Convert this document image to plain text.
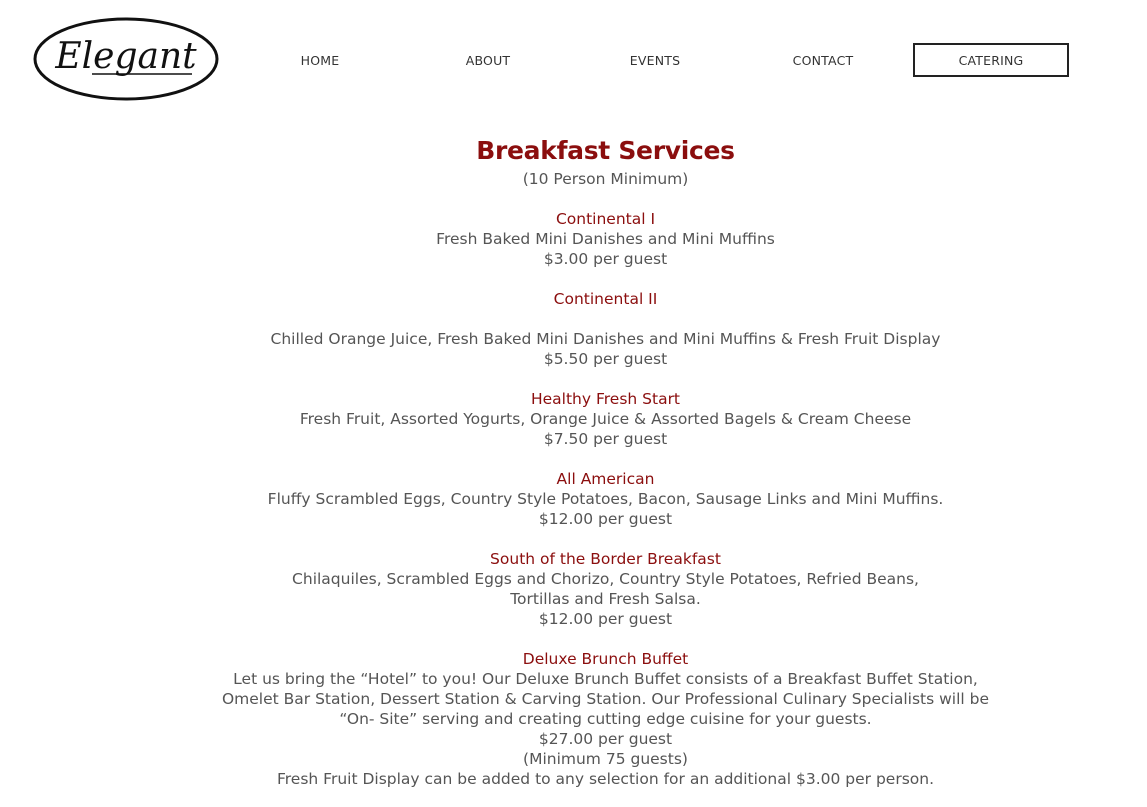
Elegant	HOME	ABOUT	EVENTS	CONTACT	CATERING
Breakfast Services

(10 Person Minimum)

Continental I

Fresh Baked Mini Danishes and Mini Muffins

$3.00 per guest

Continental II

Chilled Orange Juice, Fresh Baked Mini Danishes and Mini Muffins & Fresh Fruit Display

$5.50 per guest

Healthy Fresh Start

Fresh Fruit, Assorted Yogurts, Orange Juice & Assorted Bagels & Cream Cheese

$7.50 per guest

All American

Fluffy Scrambled Eggs, Country Style Potatoes, Bacon, Sausage Links and Mini Muffins.

$12.00 per guest

South of the Border Breakfast

Chilaquiles, Scrambled Eggs and Chorizo, Country Style Potatoes, Refried Beans,

Tortillas and Fresh Salsa.

$12.00 per guest

Deluxe Brunch Buffet

Let us bring the “Hotel” to you! Our Deluxe Brunch Buffet consists of a Breakfast Buffet Station,

Omelet Bar Station, Dessert Station & Carving Station. Our Professional Culinary Specialists will be

“On- Site” serving and creating cutting edge cuisine for your guests.

$27.00 per guest

(Minimum 75 guests)

Fresh Fruit Display can be added to any selection for an additional $3.00 per person.
